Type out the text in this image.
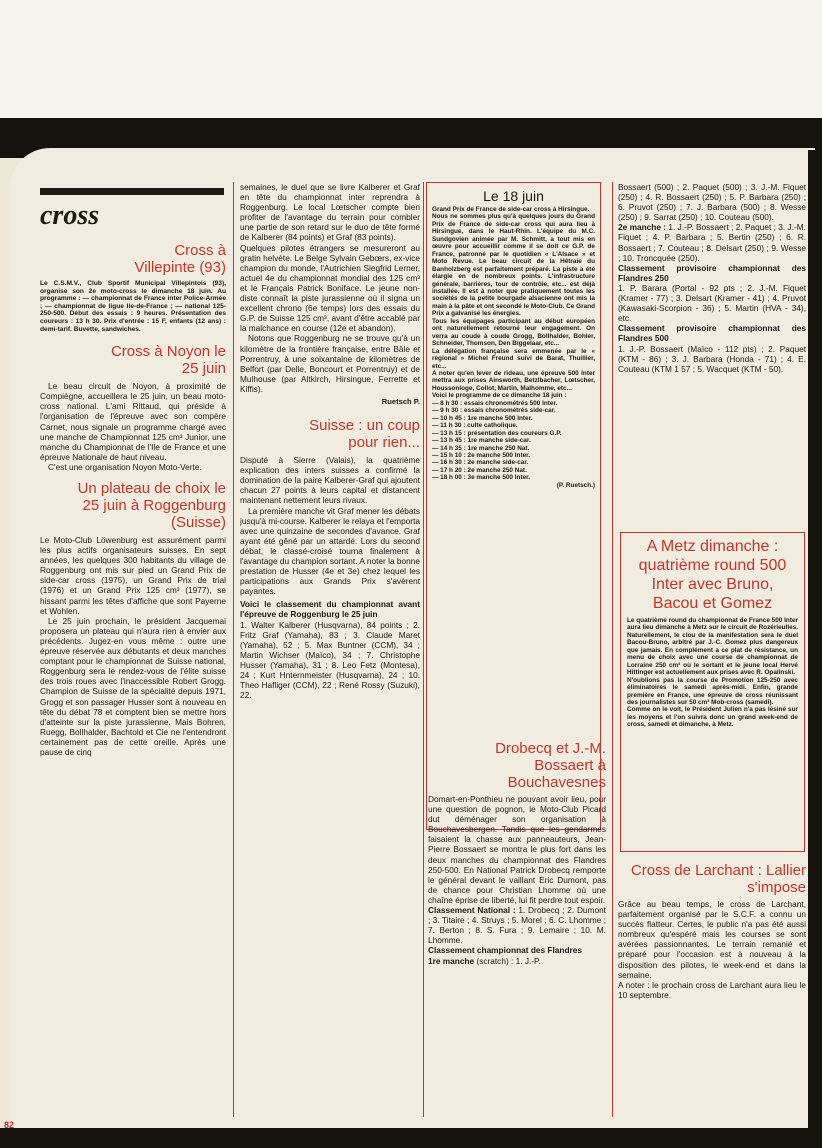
82
cross
Cross à Villepinte (93)

Le C.S.M.V., Club Sportif Municipal Villepintois (93), organise son 2e moto-cross le dimanche 18 juin. Au programme : — championnat de France inter Police-Armée ; — championnat de ligue Ile-de-France ; — national 125-250-500. Début des essais : 9 heures. Présentation des coureurs : 13 h 30. Prix d'entrée : 15 F, enfants (12 ans) : demi-tarif. Buvette, sandwiches.

Cross à Noyon le 25 juin

Le beau circuit de Noyon, à proximité de Compiègne, accueillera le 25 juin, un beau moto-cross national. L'ami Rittaud, qui préside à l'organisation de l'épreuve avec son compère Carnet, nous signale un programme chargé avec une manche de Championnat 125 cm³ Junior, une manche du Championnat de l'Ile de France et une épreuve Nationale de haut niveau.

C'est une organisation Noyon Moto-Verte.

Un plateau de choix le 25 juin à Roggenburg (Suisse)

Le Moto-Club Löwenburg est assurément parmi les plus actifs organisateurs suisses. En sept années, les quelques 300 habitants du village de Roggenburg ont mis sur pied un Grand Prix de side-car cross (1975), un Grand Prix de trial (1976) et un Grand Prix 125 cm³ (1977), se hissant parmi les têtes d'affiche que sont Payerne et Wohlen.

Le 25 juin prochain, le président Jacquemai proposera un plateau qui n'aura rien à envier aux précédents. Jugez-en vous même : outre une épreuve réservée aux débutants et deux manches comptant pour le championnat de Suisse national, Roggenburg sera le rendez-vous de l'élite suisse des trois roues avec l'inaccessible Robert Grogg. Champion de Suisse de la spécialité depuis 1971, Grogg et son passager Husser sont à nouveau en tête du débat 78 et comptent bien se mettre hors d'atteinte sur la piste jurassienne. Mais Bohren, Ruegg, Bollhalder, Bachtold et Cie ne l'entendront certainement pas de cette oreille. Après une pause de cinq

semaines, le duel que se livre Kalberer et Graf en tête du championnat inter reprendra à Roggenburg. Le local Lœtscher compte bien profiter de l'avantage du terrain pour combler une partie de son retard sur le duo de tête formé de Kalberer (84 points) et Graf (83 points).

Quelques pilotes étrangers se mesureront au gratin helvète. Le Belge Sylvain Gebœrs, ex-vice champion du monde, l'Autrichien Siegfrid Lerner, actuel 4e du championnat mondial des 125 cm³ et le Français Patrick Boniface. Le jeune non-diste connaît la piste jurassienne où il signa un excellent chrono (6e temps) lors des essais du G.P. de Suisse 125 cm³, avant d'être accablé par la malchance en course (12e et abandon).

Notons que Roggenburg ne se trouve qu'à un kilomètre de la frontière française, entre Bâle et Porrentruy, à une soixantaine de kilomètres de Belfort (par Delle, Boncourt et Porrentruy) et de Mulhouse (par Altkirch, Hirsingue, Ferrette et Kiffis).

Ruetsch P.

Suisse : un coup pour rien...

Disputé à Sierre (Valais), la quatrième explication des inters suisses a confirmé la domination de la paire Kalberer-Graf qui ajoutent chacun 27 points à leurs capital et distancent maintenant nettement leurs rivaux.

La première manche vit Graf mener les débats jusqu'à mi-course. Kalberer le relaya et l'emporta avec une quinzaine de secondes d'avance. Graf ayant été gêné par un attardé. Lors du second débat, le classé-croisé tourna finalement à l'avantage du champion sortant. A noter la bonne prestation de Husser (4e et 3e) chez lequel les participations aux Grands Prix s'avèrent payantes.

Voici le classement du championnat avant l'épreuve de Roggenburg le 25 juin

1. Walter Kalberer (Husqvarna), 84 points ; 2. Fritz Graf (Yamaha), 83 ; 3. Claude Maret (Yamaha), 52 ; 5. Max Buntner (CCM), 34 ; Martin Wichser (Maïco), 34 ; 7. Christophe Husser (Yamaha), 31 ; 8. Leo Fetz (Montesa), 24 ; Kurt Hnternmeister (Husqvarna), 24 ; 10. Theo Hafliger (CCM), 22 ; René Rossy (Suzuki), 22.

Le 18 juin

Grand Prix de France de side-car cross à Hirsingue.

Nous ne sommes plus qu'à quelques jours du Grand Prix de France de side-car cross qui aura lieu à Hirsingue, dans le Haut-Rhin. L'équipe du M.C. Sundgovien animée par M. Schmitt, a tout mis en œuvre pour accueillir comme il se doit ce G.P. de France, patronné par le quotidien « L'Alsace » et Moto Revue. Le beau circuit de la Hêtraie du Banholzberg est parfaitement préparé. La piste a été élargie en de nombreux points. L'infrastructure générale, barrières, tour de contrôle, etc... est déjà installée. Il est à noter que pratiquement toutes les sociétés de la petite bourgade alsacienne ont mis la main à la pâte et ont secondé le Moto-Club. Ce Grand Prix a galvanisé les énergies.

Tous les équipages participant au début européen ont naturellement retourné leur engagement. On verra au coude à coude Grogg, Bollhalder, Bohler, Schneider, Thomson, Den Biggelaar, etc...

La délégation française sera emmenée par le « régional » Michel Freund suivi de Barat, Thuillier, etc...

A noter qu'en lever de rideau, une épreuve 500 Inter mettra aux prises Ainsworth, Betzlbacher, Lœtscher, Houssonloge, Collot, Martin, Malhomme, etc...

Voici le programme de ce dimanche 18 juin :

— 8 h 30 : essais chronométrés 500 Inter.
— 9 h 30 : essais chronométrés side-car.
— 10 h 45 : 1re manche 500 Inter.
— 11 h 30 : culte catholique.
— 13 h 15 : présentation des coureurs G.P.
— 13 h 45 : 1re manche side-car.
— 14 h 35 : 1re manche 250 Nat.
— 15 h 10 : 2e manche 500 Inter.
— 16 h 30 : 2e manche side-car.
— 17 h 20 : 2e manche 250 Nat.
— 18 h 00 : 3e manche 500 Inter.

(P. Ruetsch.)

Drobecq et J.-M. Bossaert à Bouchavesnes

Domart-en-Ponthieu ne pouvant avoir lieu, pour une question de pognon, le Moto-Club Picard dut déménager son organisation à Bouchavesbergen. Tandis que les gendarmes faisaient la chasse aux panneauteurs, Jean-Pierre Bossaert se montra le plus fort dans les deux manches du championnat des Flandres 250-500. En National Patrick Drobecq remporte le général devant le vaillant Eric Dumont, pas de chance pour Christian Lhomme où une chaîne éprise de liberté, lui fit perdre tout espoir.

Classement National : 1. Drobecq ; 2. Dumont ; 3. Titaire ; 4. Struys ; 5. Morel ; 6. C. Lhomme ; 7. Berton ; 8. S. Fura ; 9. Lemaire ; 10. M. Lhomme.

Classement championnat des Flandres

1re manche (scratch) : 1. J.-P.

Bossaert (500) ; 2. Paquet (500) ; 3. J.-M. Fiquet (250) ; 4. R. Bossaert (250) ; 5. P. Barbara (250) ; 6. Pruvot (250) ; 7. J. Barbara (500) ; 8. Wesse (250) ; 9. Sarrat (250) ; 10. Couteau (500).

2e manche : 1. J.-P. Bossaert ; 2. Paquet ; 3. J.-M. Fiquet ; 4. P. Barbara ; 5. Bertin (250) ; 6. R. Bossaert ; 7. Couteau ; 8. Delsart (250) ; 9. Wesse ; 10. Troncquée (250).

Classement provisoire championnat des Flandres 250

1. P. Barara (Portal - 92 pts ; 2. J.-M. Fiquet (Kramer - 77) ; 3. Delsart (Kramer - 41) ; 4. Pruvot (Kawasaki-Scorpion - 36) ; 5. Martin (HVA - 34), etc.

Classement provisoire championnat des Flandres 500

1. J.-P. Bossaert (Maïco - 112 pts) ; 2. Paquet (KTM - 86) ; 3. J. Barbara (Honda - 71) ; 4. E. Couteau (KTM 1 57 ; 5. Wacquet (KTM - 50).

A Metz dimanche : quatrième round 500 Inter avec Bruno, Bacou et Gomez

Le quatrième round du championnat de France 500 Inter aura lieu dimanche à Metz sur le circuit de Rozérieulles. Naturellement, le clou de la manifestation sera le duel Bacou-Bruno, arbitré par J.-C. Gomez plus dangereux que jamais. En complément a ce plat de résistance, un menu de choix avec une course de championnat de Lorraine 250 cm³ où le sortant et le jeune local Hervé Hittinger est actuellement aux prises avec R. Opalinski.

N'oublions pas la course de Promotion 125-250 avec éliminatoires le samedi après-midi. Enfin, grande première en France, une épreuve de cross réunissant des journalistes sur 50 cm³ Mob-cross (samedi).

Comme on le voit, le Président Julien n'a pas lésiné sur les moyens et l'on suivra donc un grand week-end de cross, samedi et dimanche, à Metz.

Cross de Larchant : Lallier s'impose

Grâce au beau temps, le cross de Larchant, parfaitement organisé par le S.C.F. a connu un succès flatteur. Certes, le public n'a pas été aussi nombreux qu'espéré mais les courses se sont avérées passionnantes. Le terrain remanié et préparé pour l'occasion est à nouveau à la disposition des pilotes, le week-end et dans la semaine.

A noter : le prochain cross de Larchant aura lieu le 10 septembre.
